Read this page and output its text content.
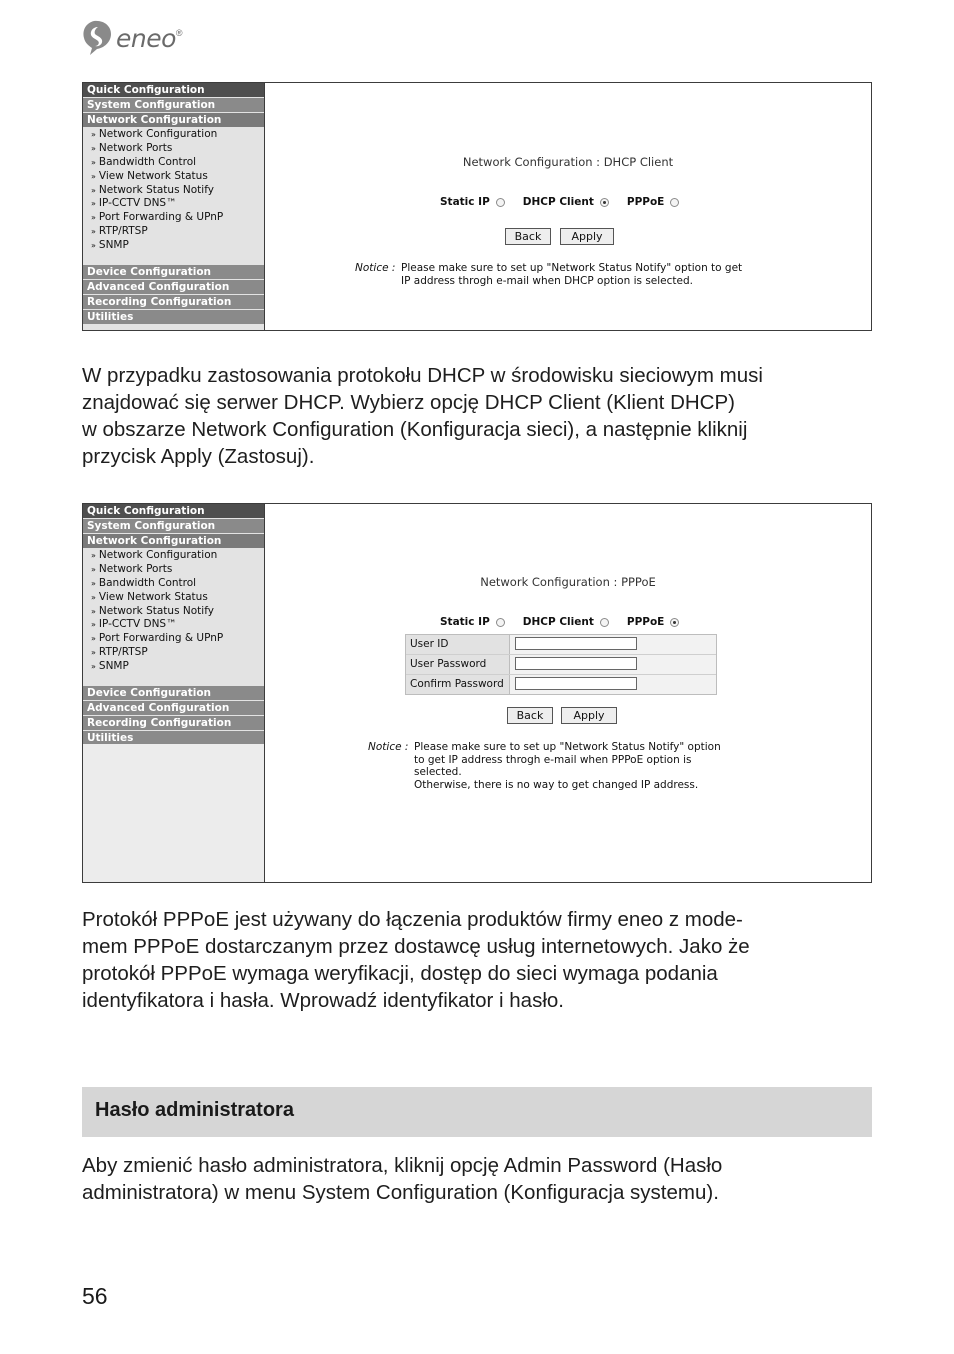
eneo ®
Quick Configuration
System Configuration
Network Configuration
» Network Configuration
» Network Ports
» Bandwidth Control
» View Network Status
» Network Status Notify
» IP-CCTV DNS™
» Port Forwarding & UPnP
» RTP/RTSP
» SNMP
Device Configuration
Advanced Configuration
Recording Configuration
Utilities
Network Configuration : DHCP Client
Static IP	DHCP Client	PPPoE
Back	Apply
Notice : Please make sure to set up "Network Status Notify" option to get
IP address throgh e-mail when DHCP option is selected.
W przypadku zastosowania protokołu DHCP w środowisku sieciowym musi
znajdować się serwer DHCP. Wybierz opcję DHCP Client (Klient DHCP)
w obszarze Network Configuration (Konfiguracja sieci), a następnie kliknij
przycisk Apply (Zastosuj).
Quick Configuration
System Configuration
Network Configuration
» Network Configuration
» Network Ports
» Bandwidth Control
» View Network Status
» Network Status Notify
» IP-CCTV DNS™
» Port Forwarding & UPnP
» RTP/RTSP
» SNMP
Device Configuration
Advanced Configuration
Recording Configuration
Utilities
Network Configuration : PPPoE
Static IP	DHCP Client	PPPoE
User ID
User Password
Confirm Password
Back	Apply
Notice : Please make sure to set up "Network Status Notify" option
to get IP address throgh e-mail when PPPoE option is
selected.
Otherwise, there is no way to get changed IP address.
Protokół PPPoE jest używany do łączenia produktów firmy eneo z mode-
mem PPPoE dostarczanym przez dostawcę usług internetowych. Jako że
protokół PPPoE wymaga weryfikacji, dostęp do sieci wymaga podania
identyfikatora i hasła. Wprowadź identyfikator i hasło.
Hasło administratora
Aby zmienić hasło administratora, kliknij opcję Admin Password (Hasło
administratora) w menu System Configuration (Konfiguracja systemu).
56
